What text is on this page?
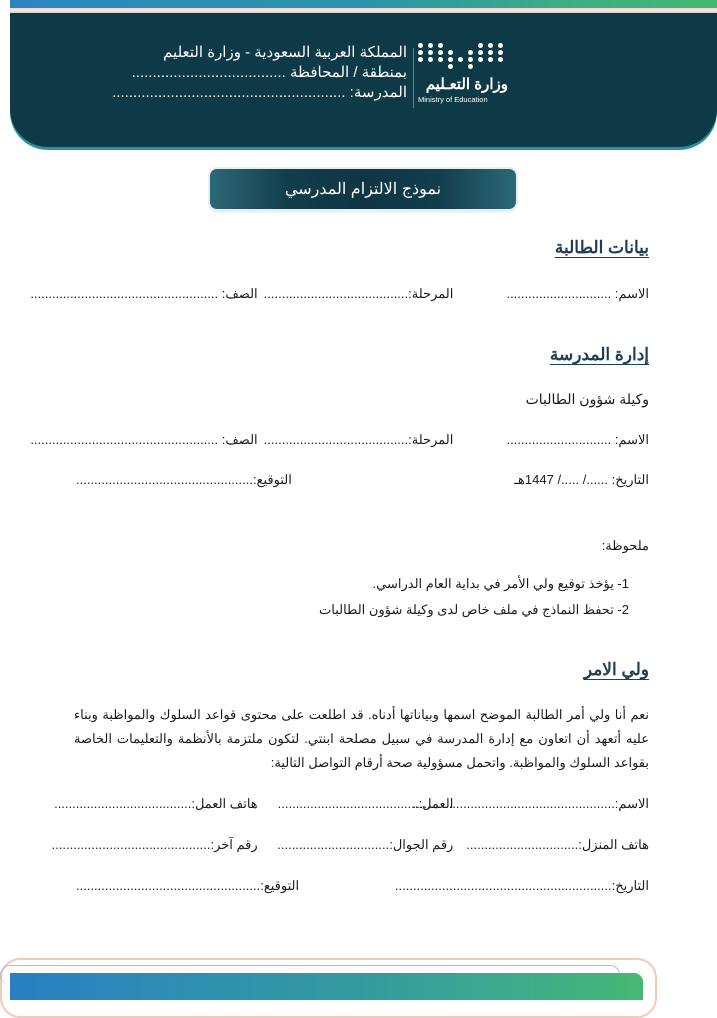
المملكة العربية السعودية - وزارة التعليم
بمنطقة / المحافظة .....................................
المدرسة: ........................................................	وزارة التعـليم
Ministry of Education
نموذج الالتزام المدرسي
بيانات الطالبة
الاسم: .............................
المرحلة:........................................
الصف: ....................................................
إدارة المدرسة
وكيلة شؤون الطالبات
الاسم: .............................
المرحلة:........................................
الصف: ....................................................
التاريخ: ....../ ...../ 1447هـ
التوقيع:.................................................
ملحوظة:
1- يؤخذ توقيع ولي الأمر في بداية العام الدراسي.
2- تحفظ النماذج في ملف خاص لدى وكيلة شؤون الطالبات
ولي الامر
نعم أنا ولي أمر الطالبة الموضح اسمها وبياناتها أدناه. قد اطلعت على محتوى قواعد السلوك والمواظبة وبناء عليه أتعهد أن اتعاون مع إدارة المدرسة في سبيل مصلحة ابنتي. لتكون ملتزمة بالأنظمة والتعليمات الخاصة بقواعد السلوك والمواظبة. واتحمل مسؤولية صحة أرقام التواصل التالية:
الاسم:........................................................
العمل:.......................................
هاتف العمل:......................................
هاتف المنزل:...............................
رقم الجوال:...............................
رقم آخر:............................................
التاريخ:............................................................
التوقيع:...................................................
